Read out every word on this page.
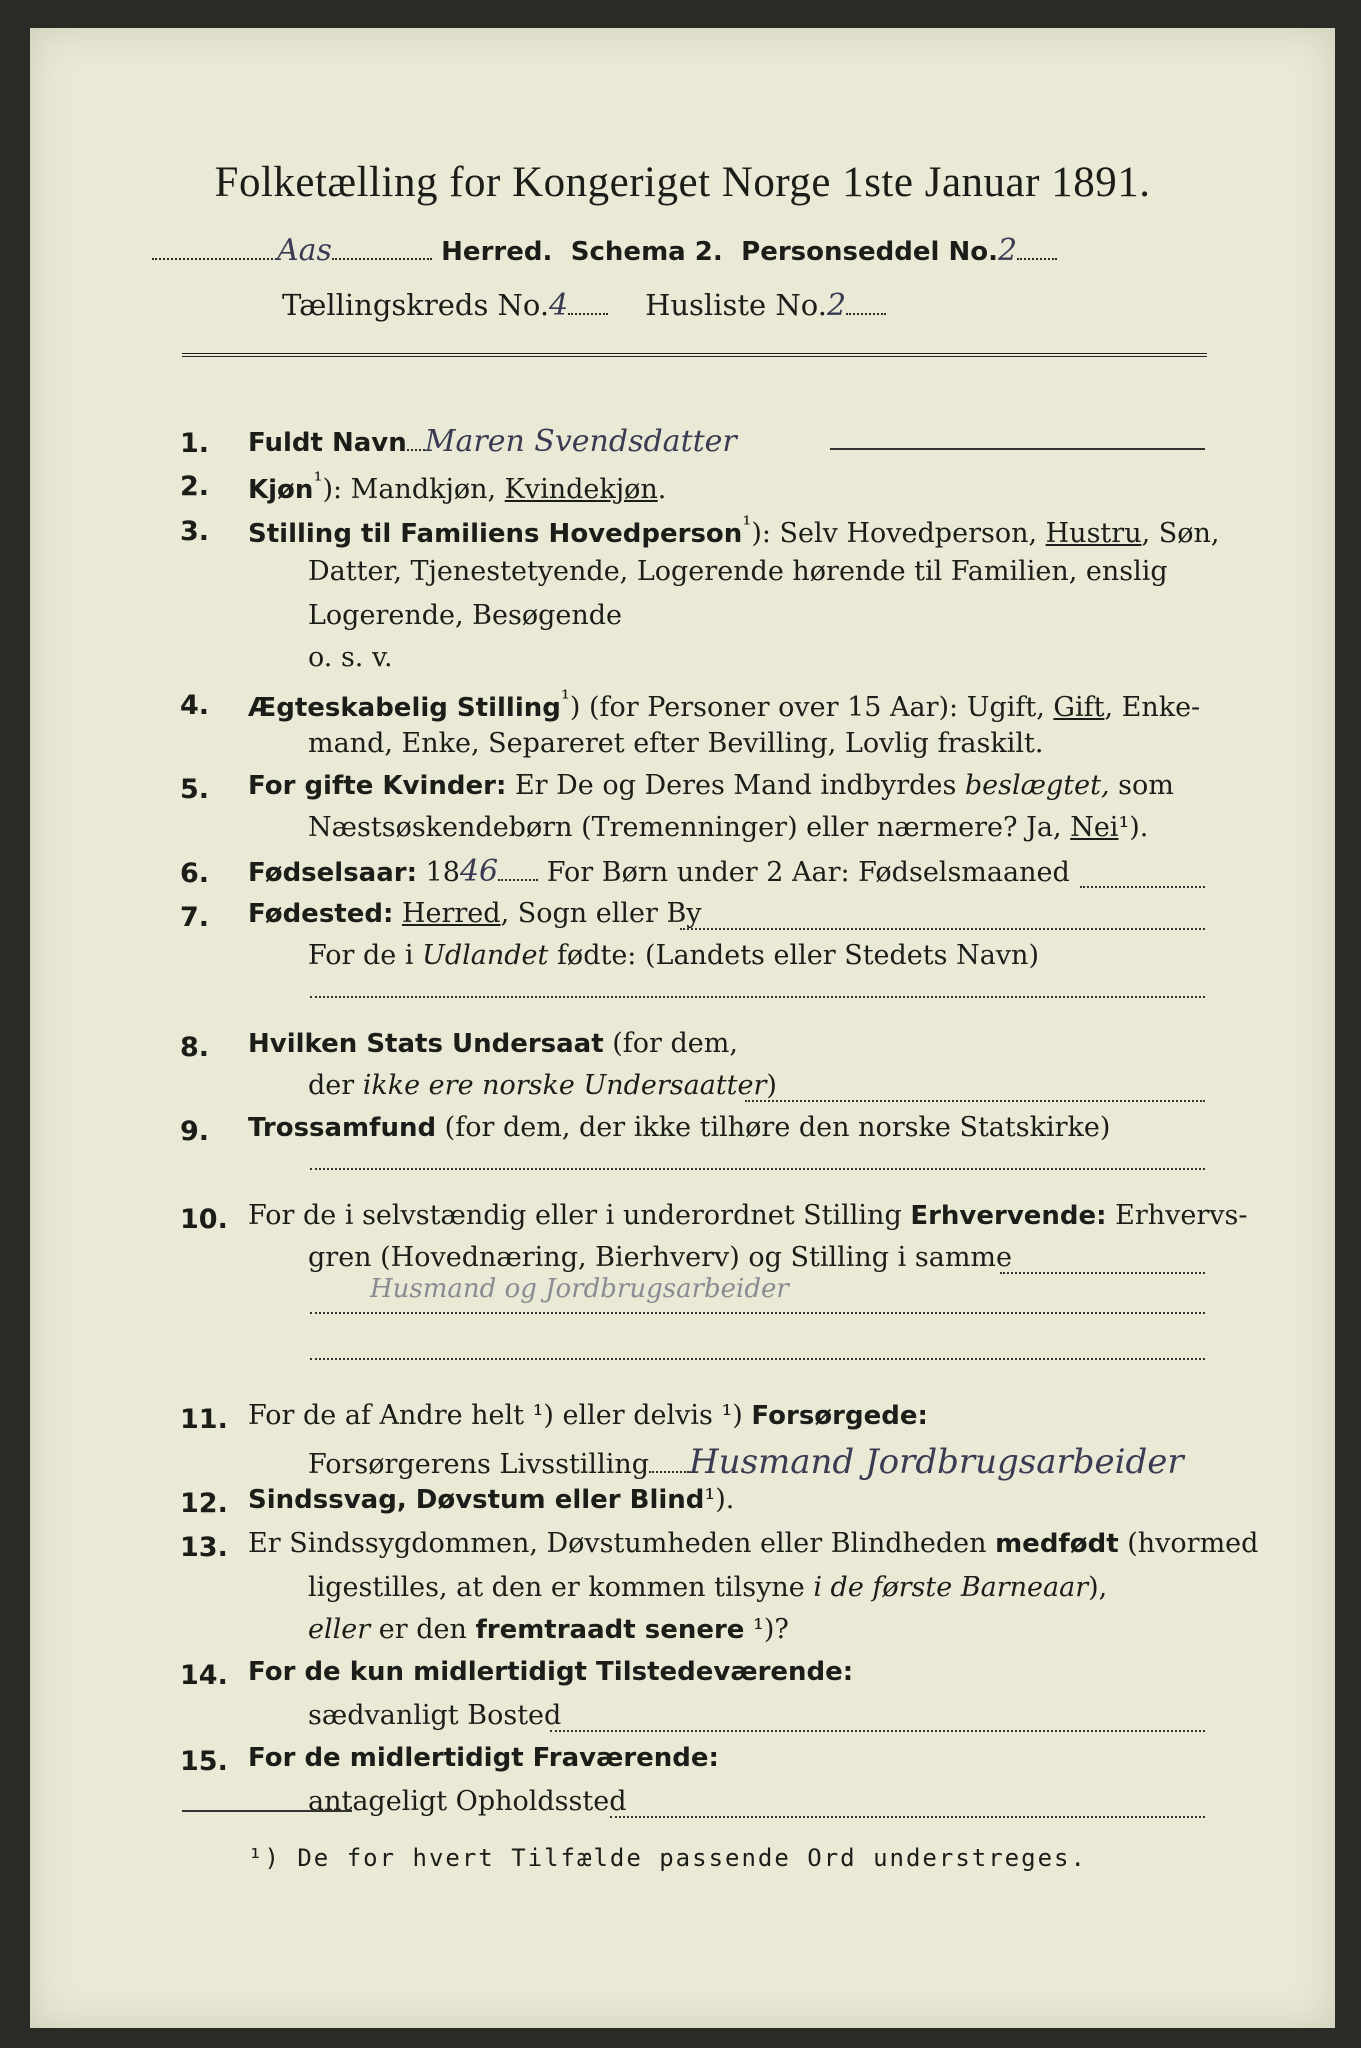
Folketælling for Kongeriget Norge 1ste Januar 1891.
Aas	Herred. Schema 2. Personseddel No.2
Tællingskreds No.4	Husliste No.2
1. Fuldt Navn Maren Svendsdatter
2. Kjøn$^{^1}$): Mandkjøn, Kvindekjøn.
3. Stilling til Familiens Hovedperson$^{^1}$): Selv Hovedperson, Hustru, Søn,
Datter, Tjenestetyende, Logerende hørende til Familien, enslig
Logerende, Besøgende
o. s. v.
4. Ægteskabelig Stilling$^{^1}$) (for Personer over 15 Aar): Ugift, Gift, Enke-
mand, Enke, Separeret efter Bevilling, Lovlig fraskilt.
5. For gifte Kvinder: Er De og Deres Mand indbyrdes beslægtet, som
Næstsøskendebørn (Tremenninger) eller nærmere? Ja, Nei¹).
6. Fødselsaar: 1846 For Børn under 2 Aar: Fødselsmaaned
7. Fødested: Herred, Sogn eller By
For de i Udlandet fødte: (Landets eller Stedets Navn)
8. Hvilken Stats Undersaat (for dem,
der ikke ere norske Undersaatter)
9. Trossamfund (for dem, der ikke tilhøre den norske Statskirke)
10. For de i selvstændig eller i underordnet Stilling Erhvervende: Erhvervs-
gren (Hovednæring, Bierhverv) og Stilling i samme
Husmand og Jordbrugsarbeider
11. For de af Andre helt ¹) eller delvis ¹) Forsørgede:
Forsørgerens Livsstilling Husmand Jordbrugsarbeider
12. Sindssvag, Døvstum eller Blind¹).
13. Er Sindssygdommen, Døvstumheden eller Blindheden medfødt (hvormed
ligestilles, at den er kommen tilsyne i de første Barneaar),
eller er den fremtraadt senere ¹)?
14. For de kun midlertidigt Tilstedeværende:
sædvanligt Bosted
15. For de midlertidigt Fraværende:
antageligt Opholdssted
¹) De for hvert Tilfælde passende Ord understreges.
